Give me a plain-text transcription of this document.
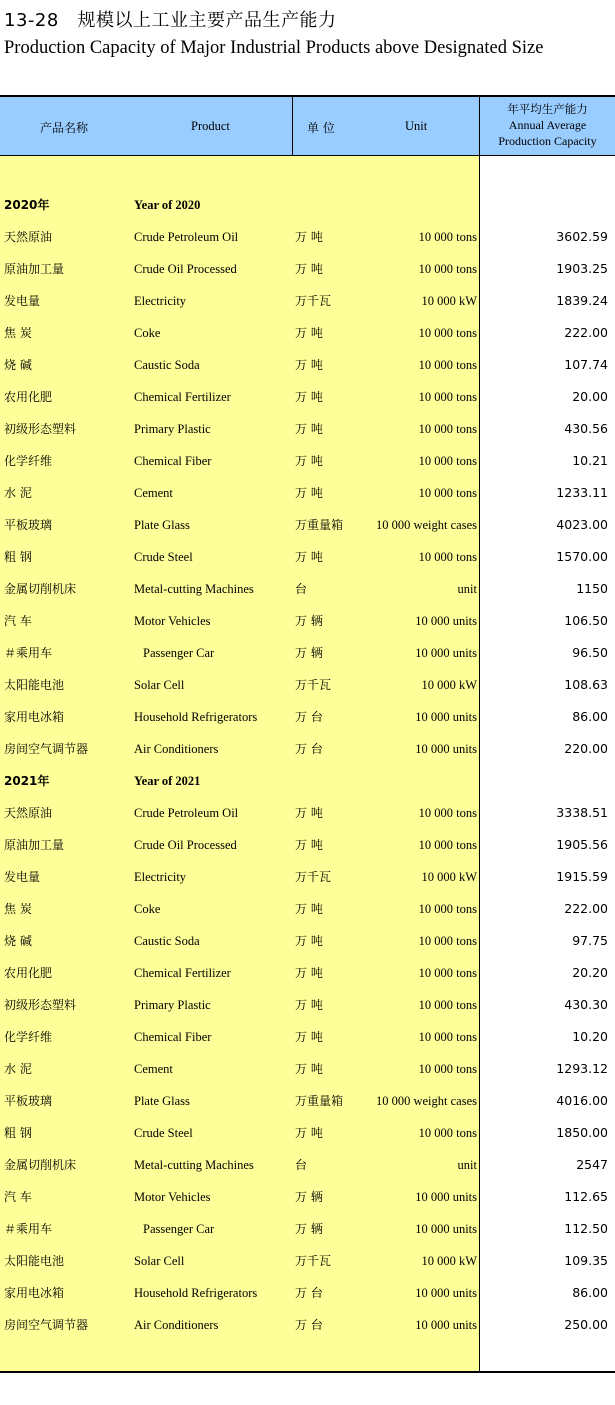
13-28 规模以上工业主要产品生产能力
Production Capacity of Major Industrial Products above Designated Size
产品名称	Product	单 位	Unit
年平均生产能力
Annual Average
Production Capacity
2020年	Year of 2020
天然原油	Crude Petroleum Oil	万 吨	10 000 tons	3602.59
原油加工量	Crude Oil Processed	万 吨	10 000 tons	1903.25
发电量	Electricity	万千瓦	10 000 kW	1839.24
焦 炭	Coke	万 吨	10 000 tons	222.00
烧 碱	Caustic Soda	万 吨	10 000 tons	107.74
农用化肥	Chemical Fertilizer	万 吨	10 000 tons	20.00
初级形态塑料	Primary Plastic	万 吨	10 000 tons	430.56
化学纤维	Chemical Fiber	万 吨	10 000 tons	10.21
水 泥	Cement	万 吨	10 000 tons	1233.11
平板玻璃	Plate Glass	万重量箱	10 000 weight cases	4023.00
粗 钢	Crude Steel	万 吨	10 000 tons	1570.00
金属切削机床	Metal-cutting Machines	台	unit	1150
汽 车	Motor Vehicles	万 辆	10 000 units	106.50
＃乘用车	Passenger Car	万 辆	10 000 units	96.50
太阳能电池	Solar Cell	万千瓦	10 000 kW	108.63
家用电冰箱	Household Refrigerators	万 台	10 000 units	86.00
房间空气调节器	Air Conditioners	万 台	10 000 units	220.00
2021年	Year of 2021
天然原油	Crude Petroleum Oil	万 吨	10 000 tons	3338.51
原油加工量	Crude Oil Processed	万 吨	10 000 tons	1905.56
发电量	Electricity	万千瓦	10 000 kW	1915.59
焦 炭	Coke	万 吨	10 000 tons	222.00
烧 碱	Caustic Soda	万 吨	10 000 tons	97.75
农用化肥	Chemical Fertilizer	万 吨	10 000 tons	20.20
初级形态塑料	Primary Plastic	万 吨	10 000 tons	430.30
化学纤维	Chemical Fiber	万 吨	10 000 tons	10.20
水 泥	Cement	万 吨	10 000 tons	1293.12
平板玻璃	Plate Glass	万重量箱	10 000 weight cases	4016.00
粗 钢	Crude Steel	万 吨	10 000 tons	1850.00
金属切削机床	Metal-cutting Machines	台	unit	2547
汽 车	Motor Vehicles	万 辆	10 000 units	112.65
＃乘用车	Passenger Car	万 辆	10 000 units	112.50
太阳能电池	Solar Cell	万千瓦	10 000 kW	109.35
家用电冰箱	Household Refrigerators	万 台	10 000 units	86.00
房间空气调节器	Air Conditioners	万 台	10 000 units	250.00
